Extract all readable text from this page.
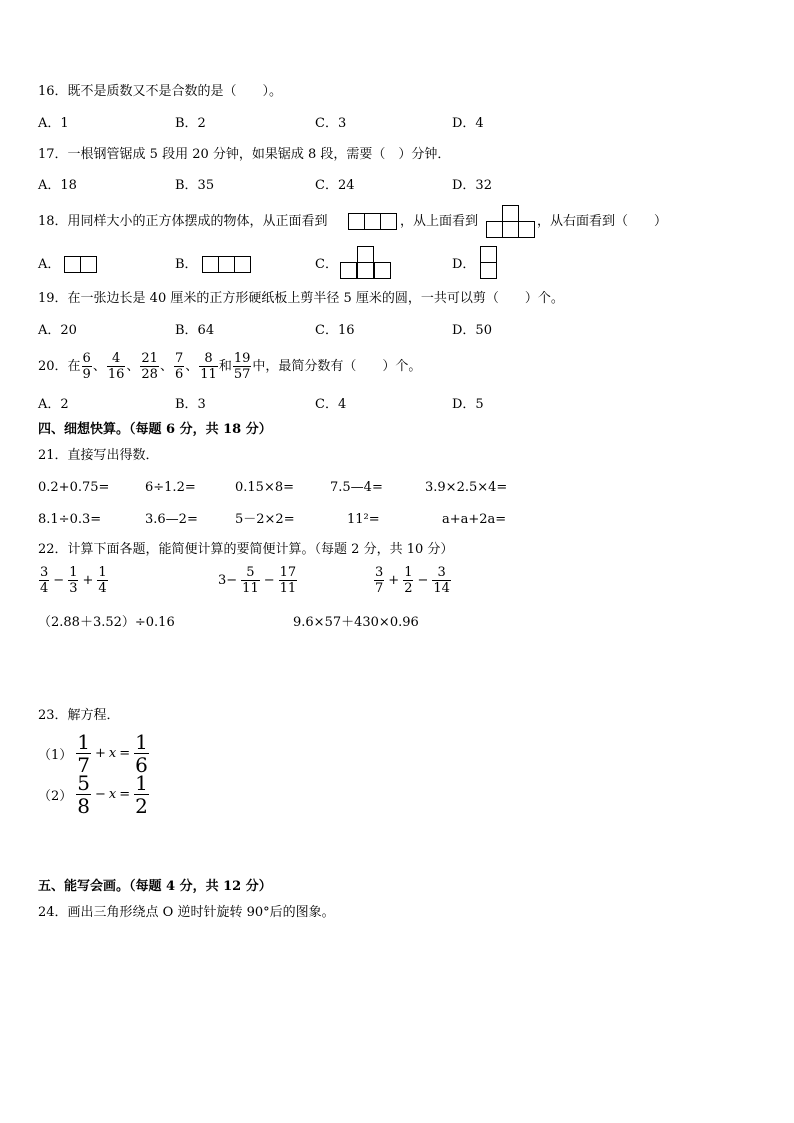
16．既不是质数又不是合数的是（　　）。
A．1	B．2	C．3	D．4
17．一根钢管锯成 5 段用 20 分钟，如果锯成 8 段，需要（　）分钟．
A．18	B．35	C．24	D．32
18．用同样大小的正方体摆成的物体，从正面看到	，从上面看到	，从右面看到（　　）
A．	B．	C．	D．
19．在一张边长是 40 厘米的正方形硬纸板上剪半径 5 厘米的圆，一共可以剪（　　）个。
A．20	B．64	C．16	D．50
20．在 $\frac{6}{9}$ 、 $\frac{4}{16}$ 、 $\frac{21}{28}$ 、 $\frac{7}{6}$ 、 $\frac{8}{11}$ 和 $\frac{19}{57}$ 中，最简分数有（　　）个。
A．2	B．3	C．4	D．5
四、细想快算。（每题 6 分，共 18 分）
21．直接写出得数．
0.2+0.75=	6÷1.2=	0.15×8=	7.5—4=	3.9×2.5×4=
8.1÷0.3=	3.6—2=	5－2×2=	11²=	a+a+2a=
22．计算下面各题，能简便计算的要简便计算。（每题 2 分，共 10 分）
$\frac{3}{4} - \frac{1}{3} + \frac{1}{4}$	$3- \frac{5}{11} - \frac{17}{11}$	$\frac{3}{7} + \frac{1}{2} - \frac{3}{14}$
（2.88＋3.52）÷0.16	9.6×57＋430×0.96
23．解方程．
$(1) \frac{1}{7} + x = \frac{1}{6}$
$(2) \frac{5}{8} - x = \frac{1}{2}$
五、能写会画。（每题 4 分，共 12 分）
24．画出三角形绕点 O 逆时针旋转 90°后的图象。
